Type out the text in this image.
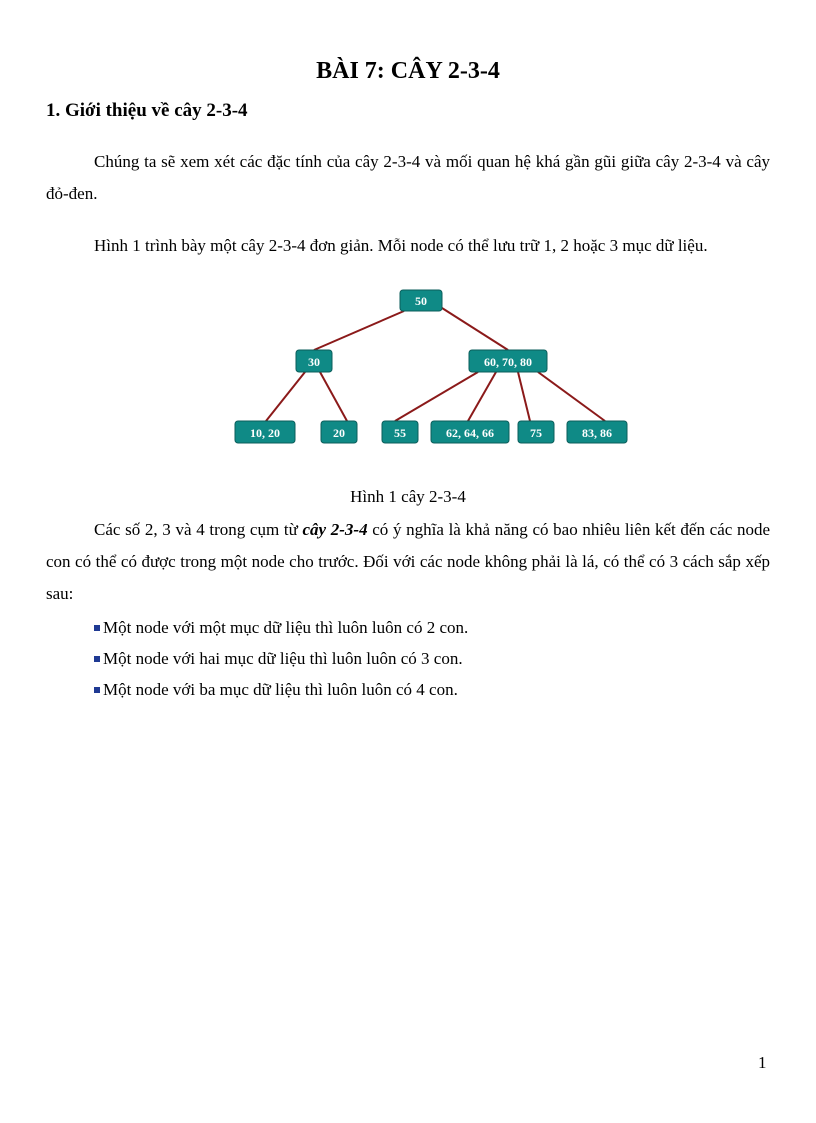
BÀI 7: CÂY 2-3-4
1. Giới thiệu về cây 2-3-4

Chúng ta sẽ xem xét các đặc tính của cây 2-3-4 và mối quan hệ khá gần gũi giữa cây 2-3-4 và cây đỏ-đen.

Hình 1 trình bày một cây 2-3-4 đơn giản. Mỗi node có thể lưu trữ 1, 2 hoặc 3 mục dữ liệu.

50
30	60, 70, 80
10, 20	20	55	62, 64, 66	75	83, 86
Hình 1 cây 2-3-4

Các số 2, 3 và 4 trong cụm từ cây 2-3-4 có ý nghĩa là khả năng có bao nhiêu liên kết đến các node con có thể có được trong một node cho trước. Đối với các node không phải là lá, có thể có 3 cách sắp xếp sau:

Một node với một mục dữ liệu thì luôn luôn có 2 con.
Một node với hai mục dữ liệu thì luôn luôn có 3 con.
Một node với ba mục dữ liệu thì luôn luôn có 4 con.
1
